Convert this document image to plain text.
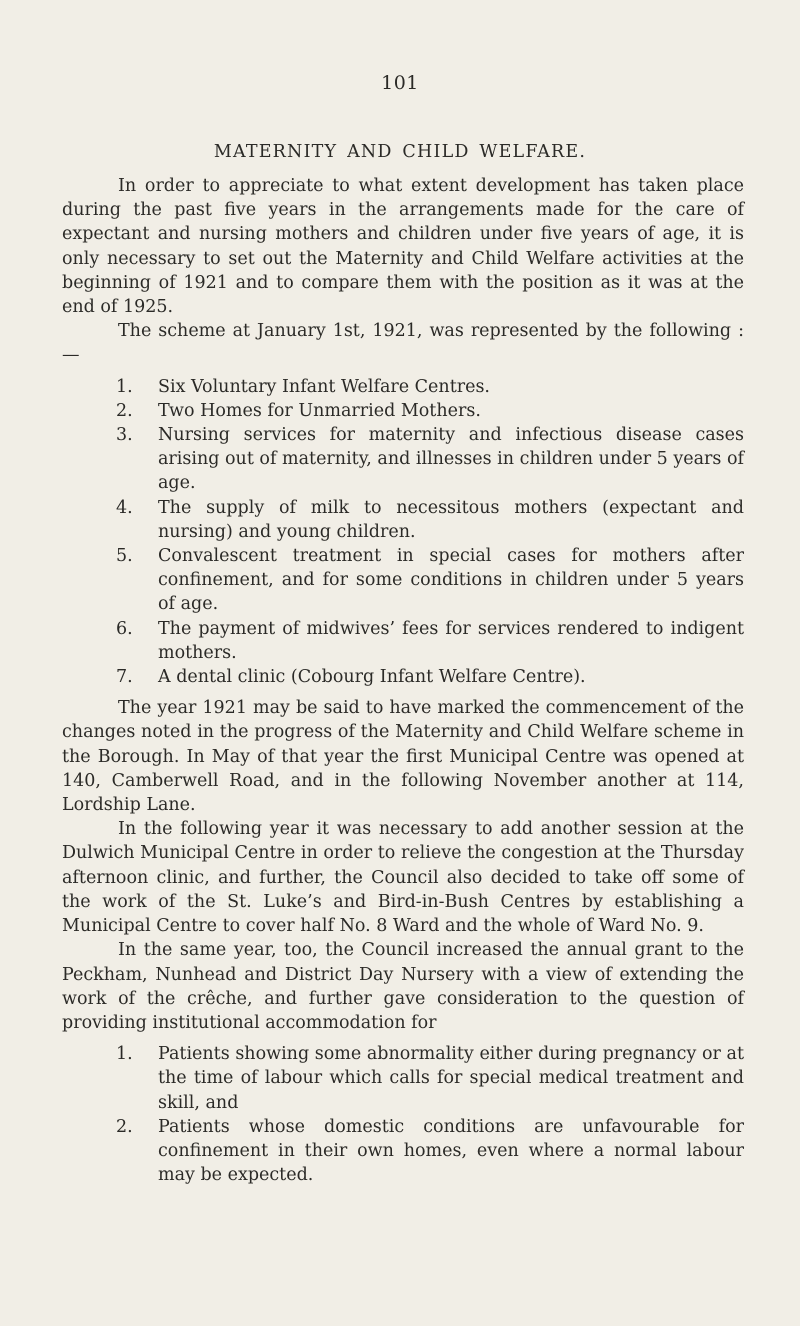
101
MATERNITY AND CHILD WELFARE.

In order to appreciate to what extent development has taken place during the past five years in the arrangements made for the care of expectant and nursing mothers and children under five years of age, it is only necessary to set out the Maternity and Child Welfare activities at the beginning of 1921 and to compare them with the position as it was at the end of 1925.

The scheme at January 1st, 1921, was represented by the following :—

1. Six Voluntary Infant Welfare Centres.
2. Two Homes for Unmarried Mothers.
3. Nursing services for maternity and infectious disease cases arising out of maternity, and illnesses in children under 5 years of age.
4. The supply of milk to necessitous mothers (expectant and nursing) and young children.
5. Convalescent treatment in special cases for mothers after confinement, and for some conditions in children under 5 years of age.
6. The payment of midwives’ fees for services rendered to indigent mothers.
7. A dental clinic (Cobourg Infant Welfare Centre).

The year 1921 may be said to have marked the commencement of the changes noted in the progress of the Maternity and Child Welfare scheme in the Borough. In May of that year the first Municipal Centre was opened at 140, Camberwell Road, and in the following November another at 114, Lordship Lane.

In the following year it was necessary to add another session at the Dulwich Municipal Centre in order to relieve the congestion at the Thursday afternoon clinic, and further, the Council also decided to take off some of the work of the St. Luke’s and Bird-in-Bush Centres by establishing a Municipal Centre to cover half No. 8 Ward and the whole of Ward No. 9.

In the same year, too, the Council increased the annual grant to the Peckham, Nunhead and District Day Nursery with a view of extending the work of the crêche, and further gave consideration to the question of providing institutional accommodation for

1. Patients showing some abnormality either during pregnancy or at the time of labour which calls for special medical treatment and skill, and
2. Patients whose domestic conditions are unfavourable for confinement in their own homes, even where a normal labour may be expected.
